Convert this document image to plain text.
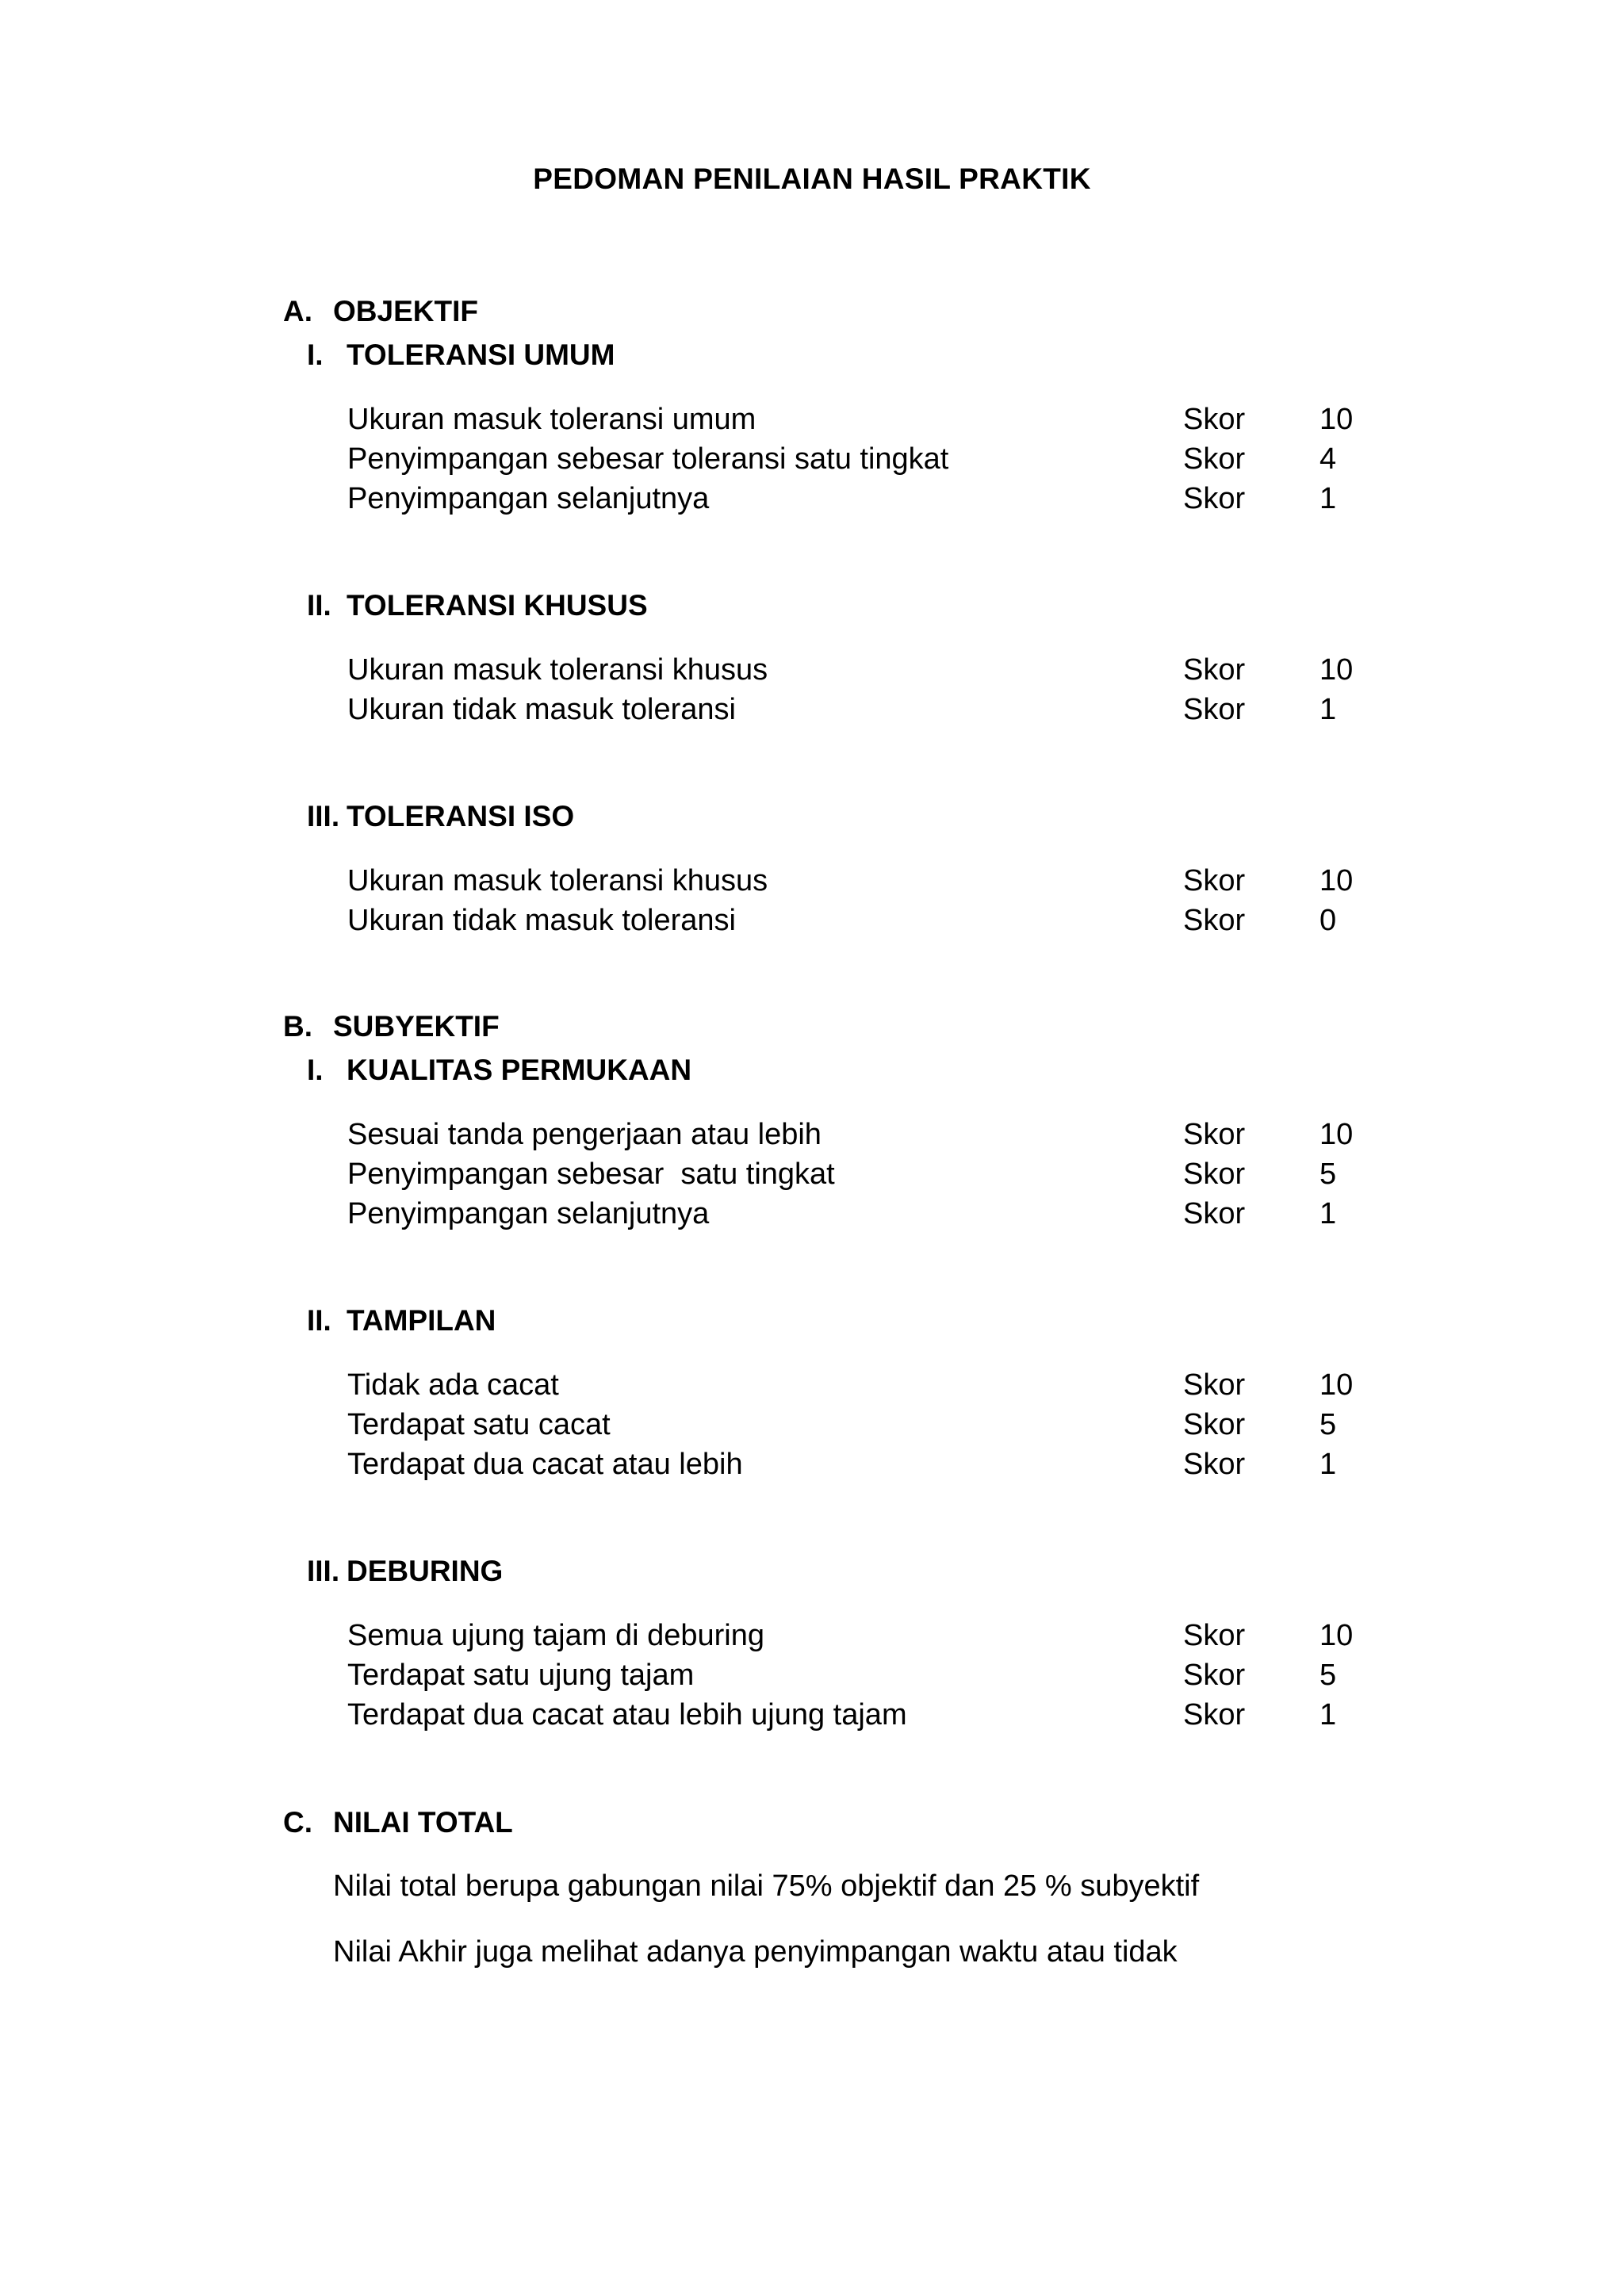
PEDOMAN PENILAIAN HASIL PRAKTIK
A. OBJEKTIF
I. TOLERANSI UMUM
Ukuran masuk toleransi umum	Skor 10
Penyimpangan sebesar toleransi satu tingkat	Skor 4
Penyimpangan selanjutnya	Skor 1
II. TOLERANSI KHUSUS
Ukuran masuk toleransi khusus	Skor 10
Ukuran tidak masuk toleransi	Skor 1
III. TOLERANSI ISO
Ukuran masuk toleransi khusus	Skor 10
Ukuran tidak masuk toleransi	Skor 0
B. SUBYEKTIF
I. KUALITAS PERMUKAAN
Sesuai tanda pengerjaan atau lebih	Skor 10
Penyimpangan sebesar  satu tingkat	Skor 5
Penyimpangan selanjutnya	Skor 1
II. TAMPILAN
Tidak ada cacat	Skor 10
Terdapat satu cacat	Skor 5
Terdapat dua cacat atau lebih	Skor 1
III. DEBURING
Semua ujung tajam di deburing	Skor 10
Terdapat satu ujung tajam	Skor 5
Terdapat dua cacat atau lebih ujung tajam	Skor 1
C. NILAI TOTAL
Nilai total berupa gabungan nilai 75% objektif dan 25 % subyektif
Nilai Akhir juga melihat adanya penyimpangan waktu atau tidak
